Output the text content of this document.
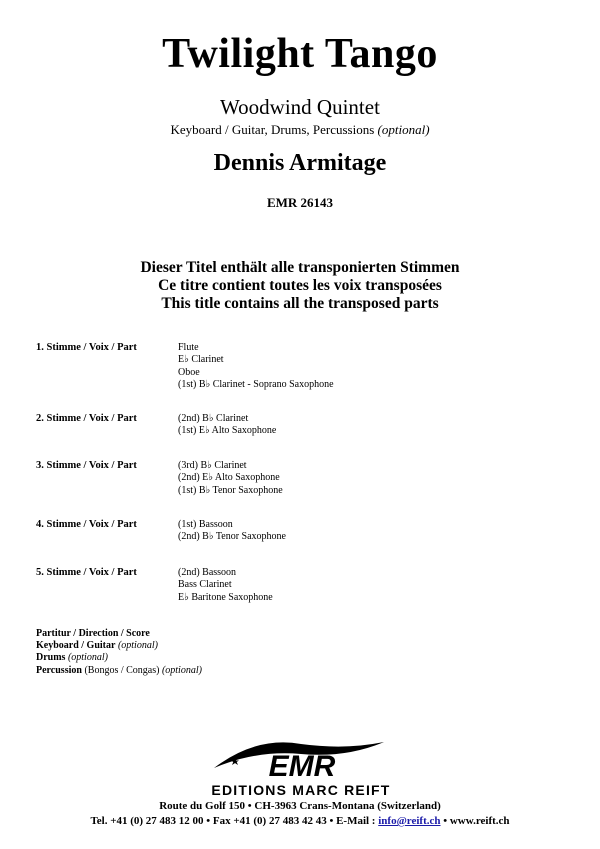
Twilight Tango
Woodwind Quintet
Keyboard / Guitar, Drums, Percussions (optional)
Dennis Armitage
EMR 26143
Dieser Titel enthält alle transponierten Stimmen
Ce titre contient toutes les voix transposées
This title contains all the transposed parts
1. Stimme / Voix / Part	Flute
E♭ Clarinet
Oboe
(1st) B♭ Clarinet - Soprano Saxophone
2. Stimme / Voix / Part	(2nd) B♭ Clarinet
(1st) E♭ Alto Saxophone
3. Stimme / Voix / Part	(3rd) B♭ Clarinet
(2nd) E♭ Alto Saxophone
(1st) B♭ Tenor Saxophone
4. Stimme / Voix / Part	(1st) Bassoon
(2nd) B♭ Tenor Saxophone
5. Stimme / Voix / Part	(2nd) Bassoon
Bass Clarinet
E♭ Baritone Saxophone
Partitur / Direction / Score
Keyboard / Guitar (optional)
Drums (optional)
Percussion (Bongos / Congas) (optional)
EMR
EDITIONS MARC REIFT
Route du Golf 150 • CH-3963 Crans-Montana (Switzerland)
Tel. +41 (0) 27 483 12 00 • Fax +41 (0) 27 483 42 43 • E-Mail : info@reift.ch • www.reift.ch
